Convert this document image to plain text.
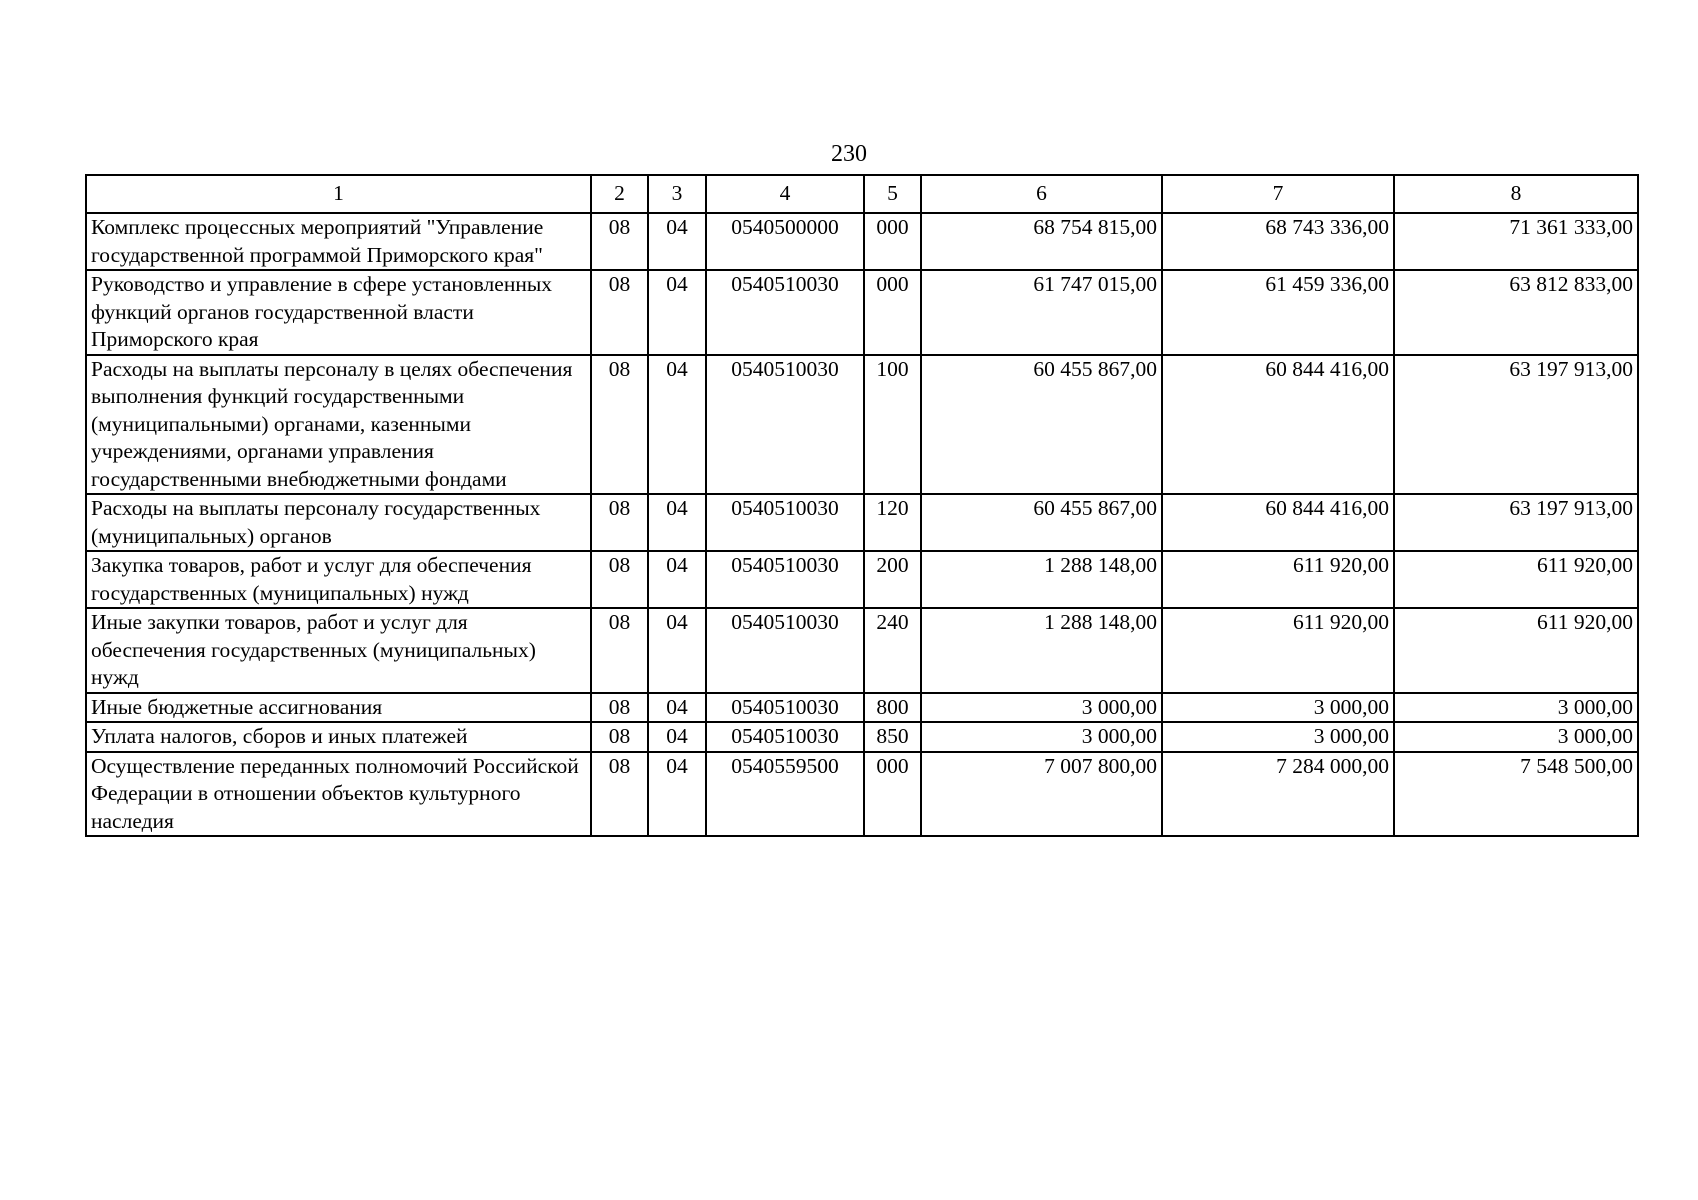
230
1	2	3	4	5	6	7	8
Комплекс процессных мероприятий "Управление государственной программой Приморского края"	08	04	0540500000	000	68 754 815,00	68 743 336,00	71 361 333,00
Руководство и управление в сфере установленных функций органов государственной власти Приморского края	08	04	0540510030	000	61 747 015,00	61 459 336,00	63 812 833,00
Расходы на выплаты персоналу в целях обеспечения выполнения функций государственными (муниципальными) органами, казенными учреждениями, органами управления государственными внебюджетными фондами	08	04	0540510030	100	60 455 867,00	60 844 416,00	63 197 913,00
Расходы на выплаты персоналу государственных (муниципальных) органов	08	04	0540510030	120	60 455 867,00	60 844 416,00	63 197 913,00
Закупка товаров, работ и услуг для обеспечения государственных (муниципальных) нужд	08	04	0540510030	200	1 288 148,00	611 920,00	611 920,00
Иные закупки товаров, работ и услуг для обеспечения государственных (муниципальных) нужд	08	04	0540510030	240	1 288 148,00	611 920,00	611 920,00
Иные бюджетные ассигнования	08	04	0540510030	800	3 000,00	3 000,00	3 000,00
Уплата налогов, сборов и иных платежей	08	04	0540510030	850	3 000,00	3 000,00	3 000,00
Осуществление переданных полномочий Российской Федерации в отношении объектов культурного наследия	08	04	0540559500	000	7 007 800,00	7 284 000,00	7 548 500,00
